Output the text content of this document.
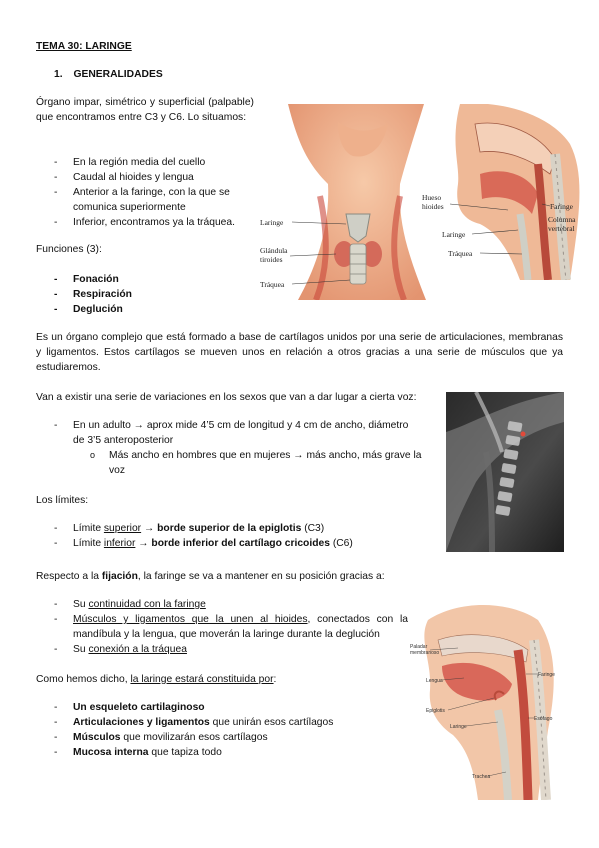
TEMA 30: LARINGE
1. GENERALIDADES
Órgano impar, simétrico y superficial (palpable) que encontramos entre C3 y C6. Lo situamos:
- En la región media del cuello
- Caudal al hioides y lengua
- Anterior a la faringe, con la que se comunica superiormente
- Inferior, encontramos ya la tráquea.
Funciones (3):
- Fonación
- Respiración
- Deglución
Laringe
Glándula tiroides
Tráquea
Hueso hioides
Laringe
Tráquea
Faringe
Columna vertebral
Es un órgano complejo que está formado a base de cartílagos unidos por una serie de articulaciones, membranas y ligamentos. Estos cartílagos se mueven unos en relación a otros gracias a una serie de músculos que ya estudiaremos.
Van a existir una serie de variaciones en los sexos que van a dar lugar a cierta voz:
- En un adulto → aprox mide 4’5 cm de longitud y 4 cm de ancho, diámetro de 3’5 anteroposterior
o Más ancho en hombres que en mujeres → más ancho, más grave la voz
Los límites:
- Límite superior → borde superior de la epiglotis (C3)
- Límite inferior → borde inferior del cartílago cricoides (C6)
Respecto a la fijación, la faringe se va a mantener en su posición gracias a:
- Su continuidad con la faringe
- Músculos y ligamentos que la unen al hioides, conectados con la mandíbula y la lengua, que moverán la laringe durante la deglución
- Su conexión a la tráquea
Como hemos dicho, la laringe estará constituida por:
- Un esqueleto cartilaginoso
- Articulaciones y ligamentos que unirán esos cartílagos
- Músculos que movilizarán esos cartílagos
- Mucosa interna que tapiza todo
Paladar membranoso
Lengua
Epiglotis
Laringe
Trachea
Faringe
Esófago
